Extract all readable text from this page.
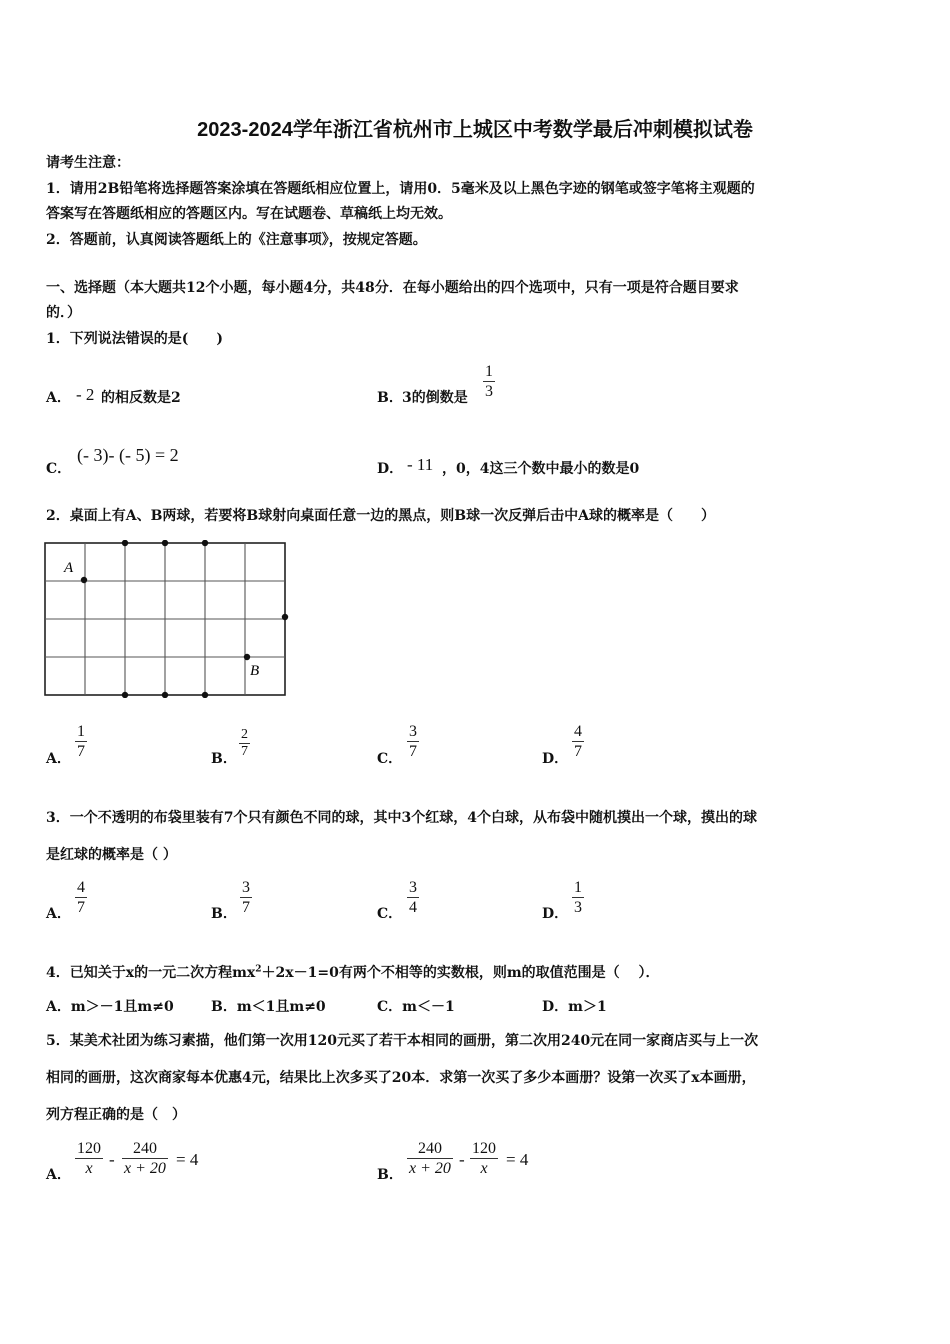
2023-2024学年浙江省杭州市上城区中考数学最后冲刺模拟试卷
请考生注意：
1．请用2B铅笔将选择题答案涂填在答题纸相应位置上，请用0．5毫米及以上黑色字迹的钢笔或签字笔将主观题的
答案写在答题纸相应的答题区内。写在试题卷、草稿纸上均无效。
2．答题前，认真阅读答题纸上的《注意事项》，按规定答题。
一、选择题（本大题共12个小题，每小题4分，共48分．在每小题给出的四个选项中，只有一项是符合题目要求
的．）
1．下列说法错误的是(　　)
A． - 2 的相反数是2	B． 3的倒数是 $\frac{1}{3}$
C．
(- 3)- (- 5) = 2
D． - 11 ，0，4这三个数中最小的数是0
2．桌面上有A、B两球，若要将B球射向桌面任意一边的黑点，则B球一次反弹后击中A球的概率是（　　）
A
B
A． $\frac{1}{7}$	B． $\frac{2}{7}$	C． $\frac{3}{7}$	D． $\frac{4}{7}$
3．一个不透明的布袋里装有7个只有颜色不同的球，其中3个红球，4个白球，从布袋中随机摸出一个球，摸出的球
是红球的概率是（ ）
A． $\frac{4}{7}$	B． $\frac{3}{7}$	C． $\frac{3}{4}$	D． $\frac{1}{3}$
4．已知关于x的一元二次方程$mx^2+2x-1=0$有两个不相等的实数根，则m的取值范围是（　 ）．
A．m＞－1且m≠0	B．m＜1且m≠0	C．m＜－1	D．m＞1
5．某美术社团为练习素描，他们第一次用120元买了若干本相同的画册，第二次用240元在同一家商店买与上一次
相同的画册，这次商家每本优惠4元，结果比上次多买了20本．求第一次买了多少本画册？设第一次买了x本画册，
列方程正确的是（　）
A． $\frac{120}{x} - \frac{240}{x + 20} = 4$
B． $\frac{240}{x + 20} - \frac{120}{x} = 4$
